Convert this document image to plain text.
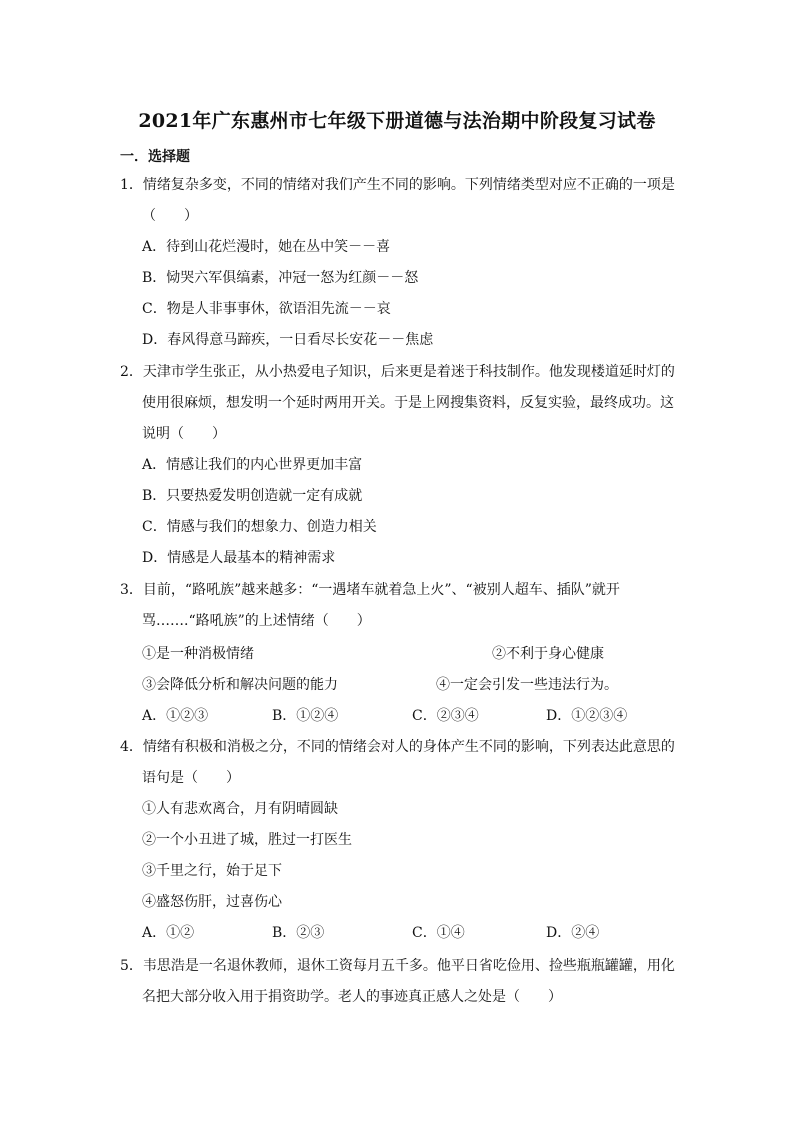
2021年广东惠州市七年级下册道德与法治期中阶段复习试卷
一．选择题
1．情绪复杂多变，不同的情绪对我们产生不同的影响。下列情绪类型对应不正确的一项是
（　　）
A．待到山花烂漫时，她在丛中笑－－喜
B．恸哭六军俱缟素，冲冠一怒为红颜－－怒
C．物是人非事事休，欲语泪先流－－哀
D．春风得意马蹄疾，一日看尽长安花－－焦虑
2．天津市学生张正，从小热爱电子知识，后来更是着迷于科技制作。他发现楼道延时灯的
使用很麻烦，想发明一个延时两用开关。于是上网搜集资料，反复实验，最终成功。这
说明（　　）
A．情感让我们的内心世界更加丰富
B．只要热爱发明创造就一定有成就
C．情感与我们的想象力、创造力相关
D．情感是人最基本的精神需求
3．目前，“路吼族”越来越多：“一遇堵车就着急上火”、“被别人超车、插队”就开
骂…….“路吼族”的上述情绪（　　）
①是一种消极情绪	②不利于身心健康
③会降低分析和解决问题的能力	④一定会引发一些违法行为。
A．①②③	B．①②④	C．②③④	D．①②③④
4．情绪有积极和消极之分，不同的情绪会对人的身体产生不同的影响，下列表达此意思的
语句是（　　）
①人有悲欢离合，月有阴晴圆缺
②一个小丑进了城，胜过一打医生
③千里之行，始于足下
④盛怒伤肝，过喜伤心
A．①②	B．②③	C．①④	D．②④
5．韦思浩是一名退休教师，退休工资每月五千多。他平日省吃俭用、捡些瓶瓶罐罐，用化
名把大部分收入用于捐资助学。老人的事迹真正感人之处是（　　）
